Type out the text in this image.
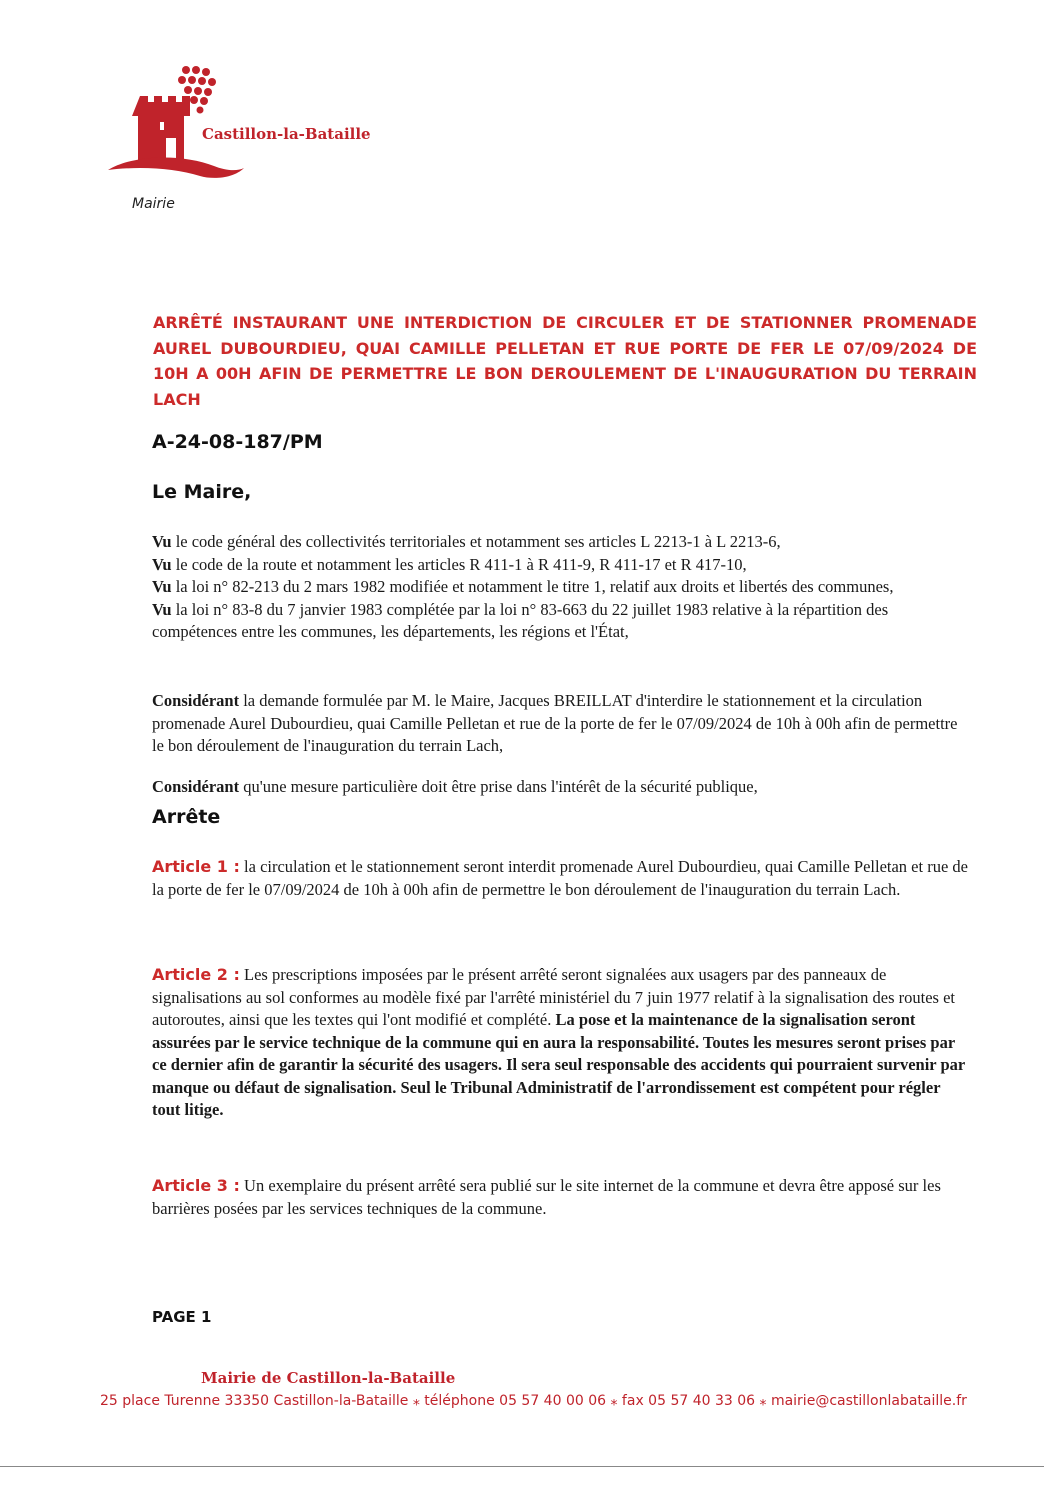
Castillon-la-Bataille
Mairie
ARRÊTÉ INSTAURANT UNE INTERDICTION DE CIRCULER ET DE STATIONNER PROMENADE AUREL DUBOURDIEU, QUAI CAMILLE PELLETAN ET RUE PORTE DE FER LE 07/09/2024 DE 10H A 00H AFIN DE PERMETTRE LE BON DEROULEMENT DE L'INAUGURATION DU TERRAIN LACH
A-24-08-187/PM
Le Maire,

Vu le code général des collectivités territoriales et notamment ses articles L 2213-1 à L 2213-6,

Vu le code de la route et notamment les articles R 411-1 à R 411-9, R 411-17 et R 417-10,

Vu la loi n° 82-213 du 2 mars 1982 modifiée et notamment le titre 1, relatif aux droits et libertés des communes,

Vu la loi n° 83-8 du 7 janvier 1983 complétée par la loi n° 83-663 du 22 juillet 1983 relative à la répartition des compétences entre les communes, les départements, les régions et l'État,

Considérant la demande formulée par M. le Maire, Jacques BREILLAT d'interdire le stationnement et la circulation promenade Aurel Dubourdieu, quai Camille Pelletan et rue de la porte de fer le 07/09/2024 de 10h à 00h afin de permettre le bon déroulement de l'inauguration du terrain Lach,

Considérant qu'une mesure particulière doit être prise dans l'intérêt de la sécurité publique,

Arrête

Article 1 : la circulation et le stationnement seront interdit promenade Aurel Dubourdieu, quai Camille Pelletan et rue de la porte de fer le 07/09/2024 de 10h à 00h afin de permettre le bon déroulement de l'inauguration du terrain Lach.

Article 2 : Les prescriptions imposées par le présent arrêté seront signalées aux usagers par des panneaux de signalisations au sol conformes au modèle fixé par l'arrêté ministériel du 7 juin 1977 relatif à la signalisation des routes et autoroutes, ainsi que les textes qui l'ont modifié et complété. La pose et la maintenance de la signalisation seront assurées par le service technique de la commune qui en aura la responsabilité. Toutes les mesures seront prises par ce dernier afin de garantir la sécurité des usagers. Il sera seul responsable des accidents qui pourraient survenir par manque ou défaut de signalisation. Seul le Tribunal Administratif de l'arrondissement est compétent pour régler tout litige.

Article 3 : Un exemplaire du présent arrêté sera publié sur le site internet de la commune et devra être apposé sur les barrières posées par les services techniques de la commune.

PAGE 1
Mairie de Castillon-la-Bataille
25 place Turenne 33350 Castillon-la-Bataille ⁎ téléphone 05 57 40 00 06 ⁎ fax 05 57 40 33 06 ⁎ mairie@castillonlabataille.fr
